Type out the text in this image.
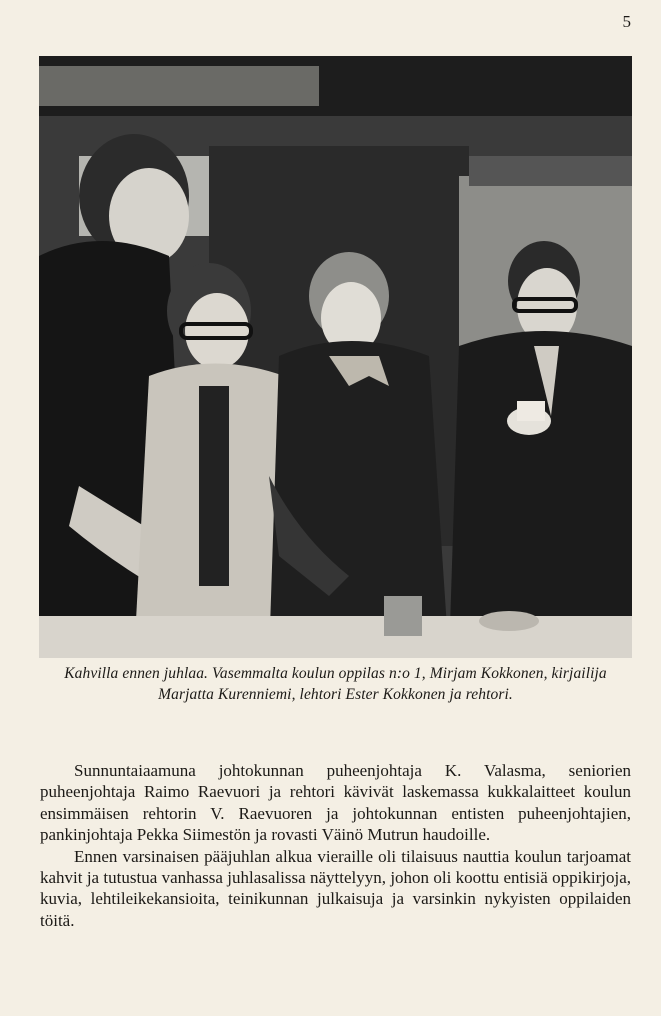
5

Kahvilla ennen juhlaa. Vasemmalta koulun oppilas n:o 1, Mirjam Kokkonen, kirjailija Marjatta Kurenniemi, lehtori Ester Kokkonen ja rehtori.

Sunnuntaiaamuna johtokunnan puheenjohtaja K. Valasma, seniorien puheenjohtaja Raimo Raevuori ja rehtori kävivät laskemassa kukkalaitteet koulun ensimmäisen rehtorin V. Raevuoren ja johtokunnan entisten puheenjohtajien, pankinjohtaja Pekka Siimestön ja rovasti Väinö Mutrun haudoille.

Ennen varsinaisen pääjuhlan alkua vieraille oli tilaisuus nauttia koulun tarjoamat kahvit ja tutustua vanhassa juhlasalissa näyttelyyn, johon oli koottu entisiä oppikirjoja, kuvia, lehtileikekansioita, teinikunnan julkaisuja ja varsinkin nykyisten oppilaiden töitä.
